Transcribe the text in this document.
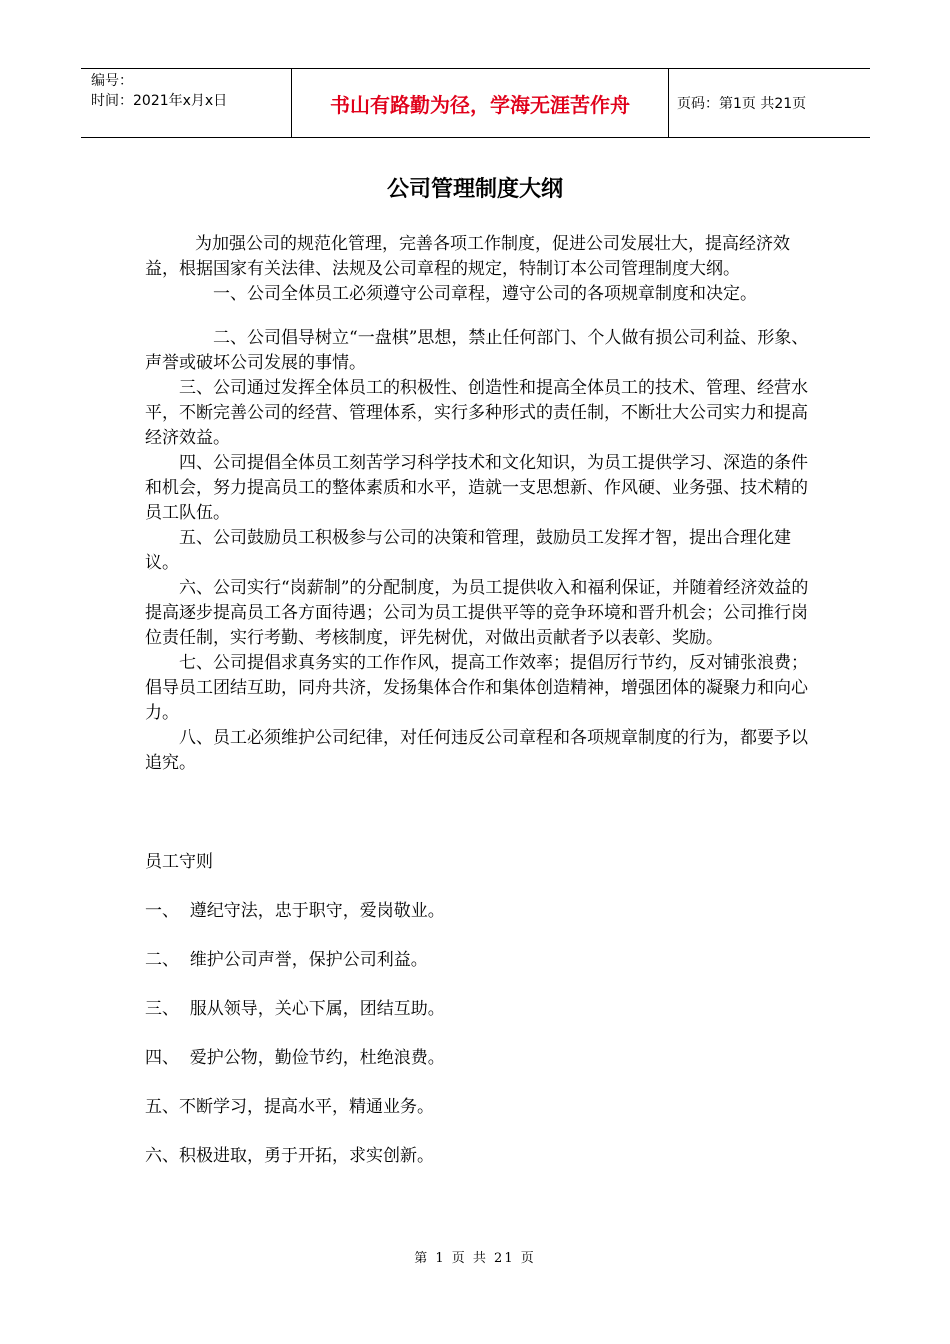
编号：
时间：2021年x月x日	书山有路勤为径，学海无涯苦作舟	页码：第1页 共21页
公司管理制度大纲

为加强公司的规范化管理，完善各项工作制度，促进公司发展壮大，提高经济效益，根据国家有关法律、法规及公司章程的规定，特制订本公司管理制度大纲。

一、公司全体员工必须遵守公司章程，遵守公司的各项规章制度和决定。

二、公司倡导树立“一盘棋”思想，禁止任何部门、个人做有损公司利益、形象、声誉或破坏公司发展的事情。

三、公司通过发挥全体员工的积极性、创造性和提高全体员工的技术、管理、经营水平，不断完善公司的经营、管理体系，实行多种形式的责任制，不断壮大公司实力和提高经济效益。

四、公司提倡全体员工刻苦学习科学技术和文化知识，为员工提供学习、深造的条件和机会，努力提高员工的整体素质和水平，造就一支思想新、作风硬、业务强、技术精的员工队伍。

五、公司鼓励员工积极参与公司的决策和管理，鼓励员工发挥才智，提出合理化建议。

六、公司实行“岗薪制”的分配制度，为员工提供收入和福利保证，并随着经济效益的提高逐步提高员工各方面待遇；公司为员工提供平等的竞争环境和晋升机会；公司推行岗位责任制，实行考勤、考核制度，评先树优，对做出贡献者予以表彰、奖励。

七、公司提倡求真务实的工作作风，提高工作效率；提倡厉行节约，反对铺张浪费；倡导员工团结互助，同舟共济，发扬集体合作和集体创造精神，增强团体的凝聚力和向心力。

八、员工必须维护公司纪律，对任何违反公司章程和各项规章制度的行为，都要予以追究。

员工守则
一、  遵纪守法，忠于职守，爱岗敬业。
二、  维护公司声誉，保护公司利益。
三、  服从领导，关心下属，团结互助。
四、  爱护公物，勤俭节约，杜绝浪费。
五、不断学习，提高水平，精通业务。
六、积极进取，勇于开拓，求实创新。
第 1 页 共 21 页
